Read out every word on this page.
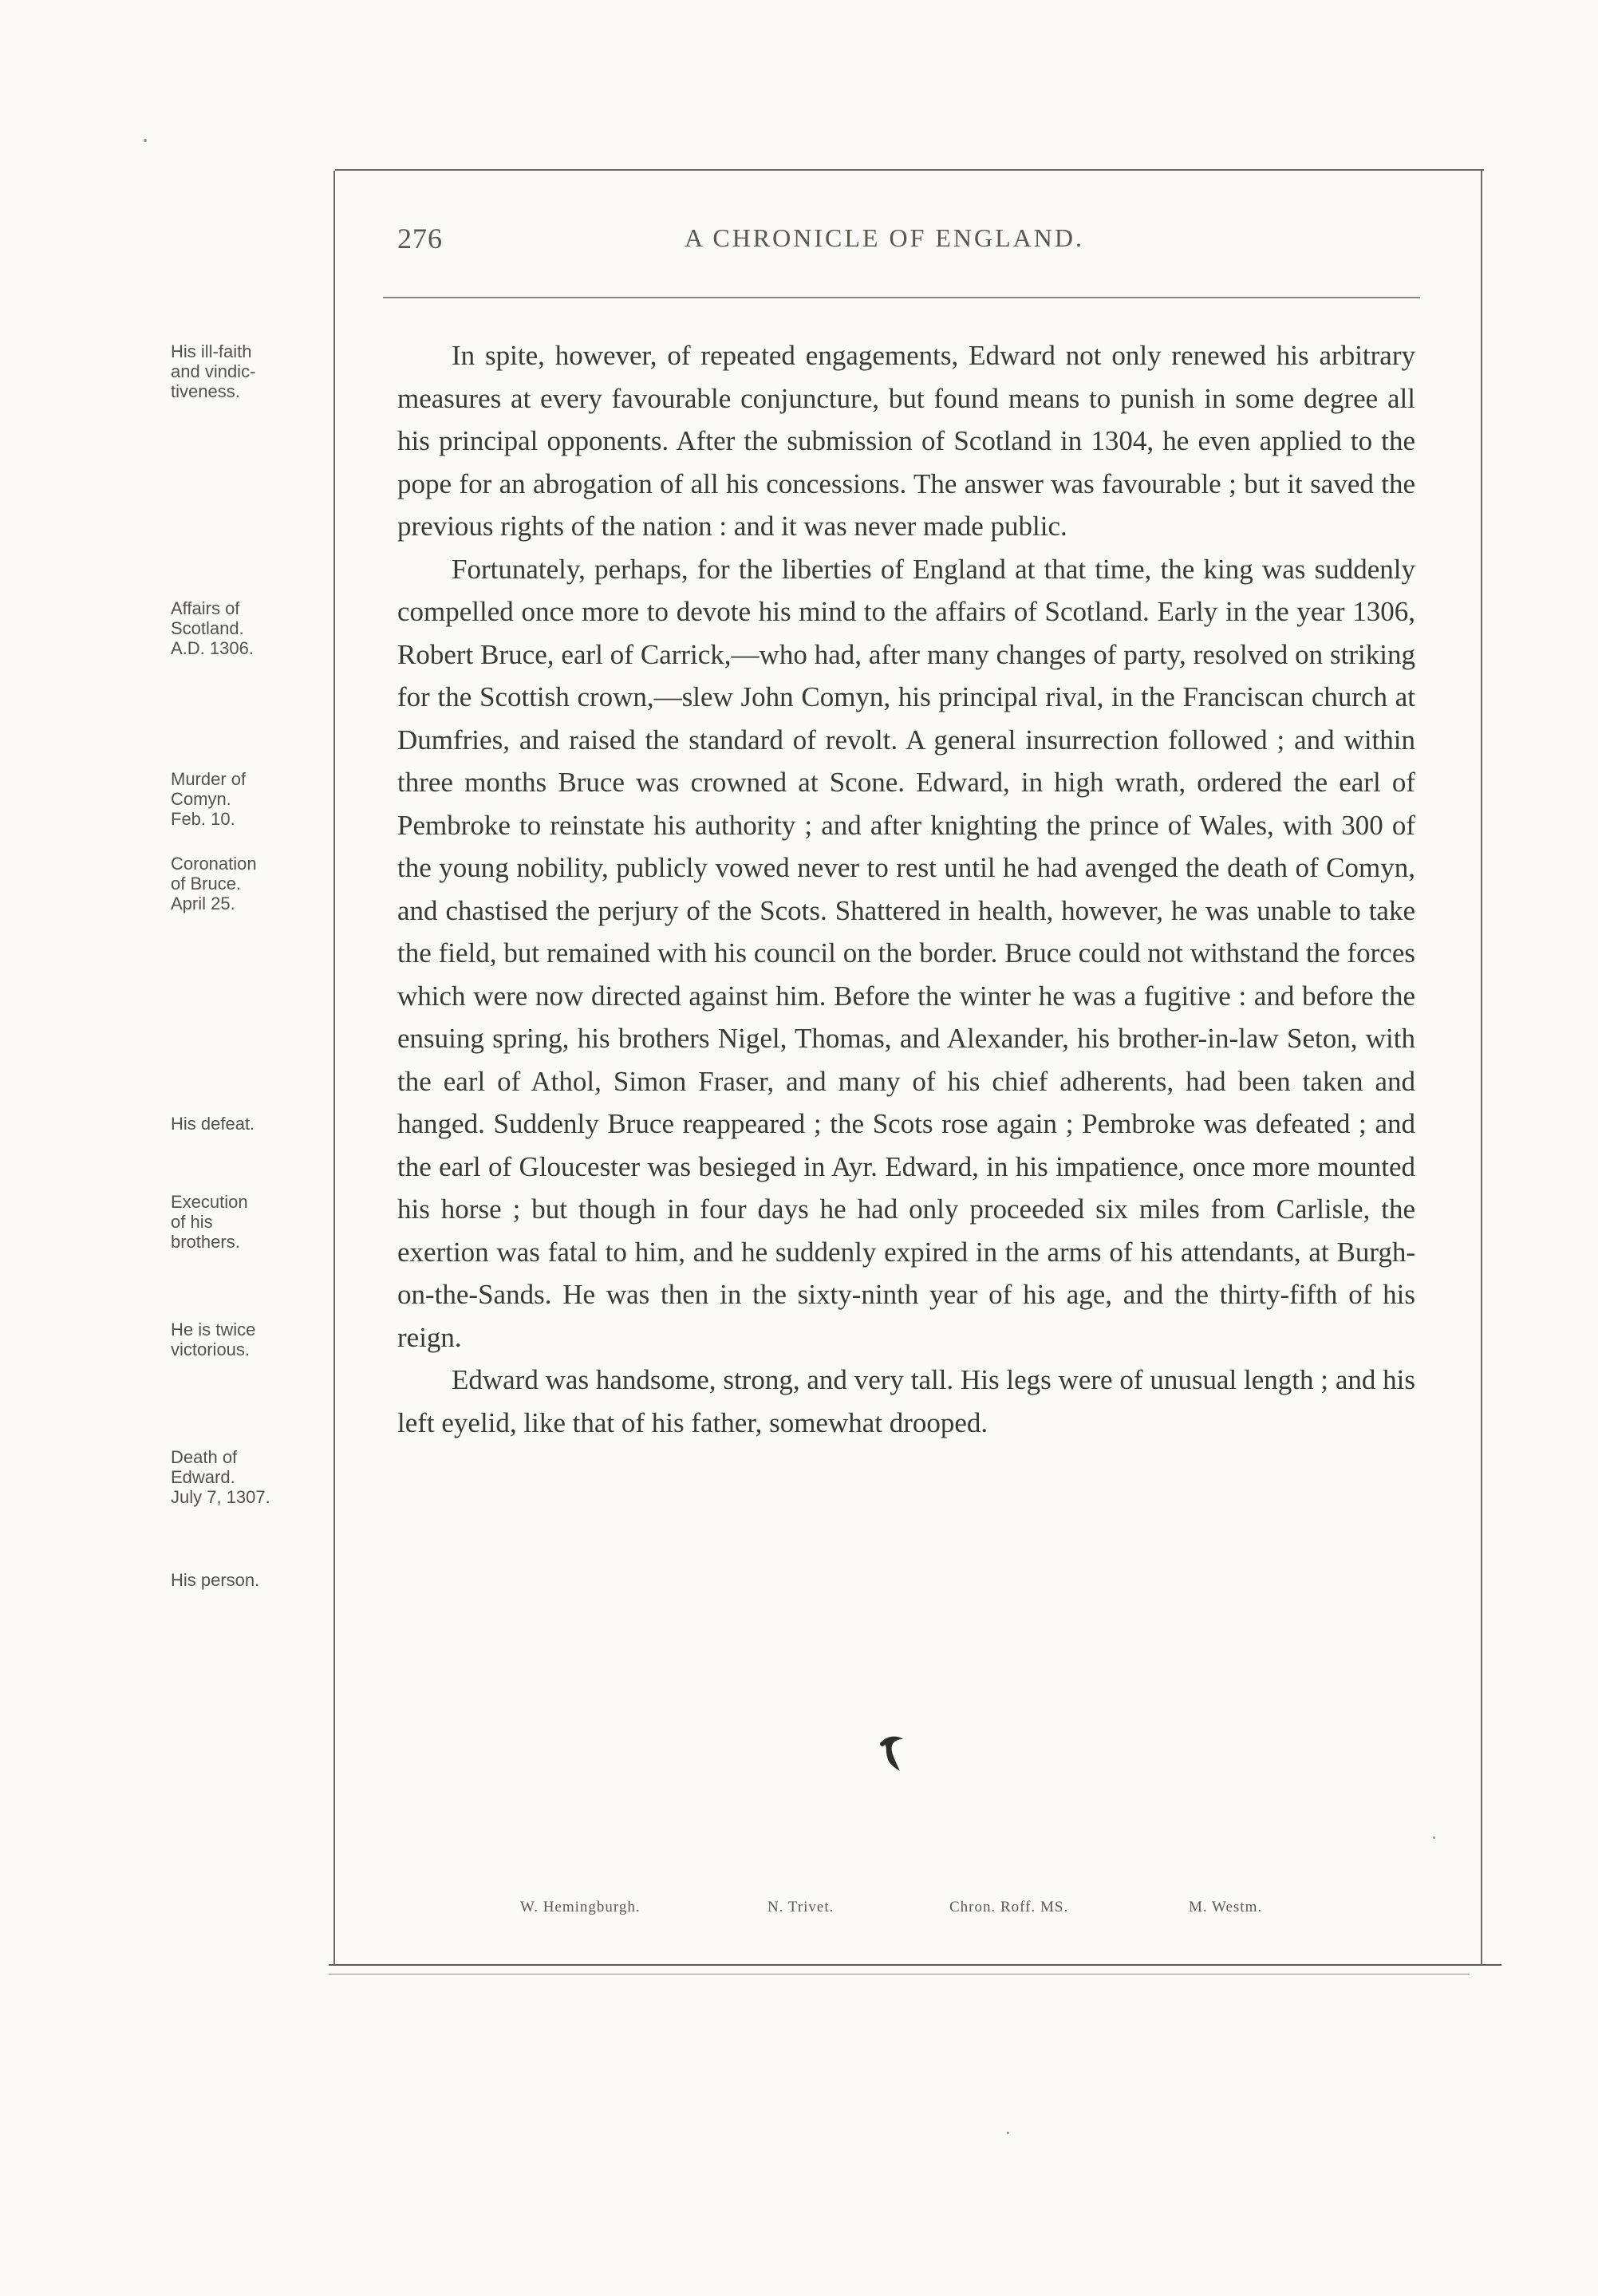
276	A CHRONICLE OF ENGLAND.

His ill-faith
and vindic-
tiveness.

Affairs of
Scotland.
A.D. 1306.

Murder of
Comyn.
Feb. 10.

Coronation
of Bruce.
April 25.

His defeat.

Execution
of his
brothers.

He is twice
victorious.

Death of
Edward.
July 7, 1307.

His person.

In spite, however, of repeated engagements, Edward not only renewed his arbitrary measures at every favourable conjuncture, but found means to punish in some degree all his principal opponents. After the submission of Scotland in 1304, he even applied to the pope for an abrogation of all his concessions. The answer was favourable ; but it saved the previous rights of the nation : and it was never made public.

Fortunately, perhaps, for the liberties of England at that time, the king was suddenly compelled once more to devote his mind to the affairs of Scotland. Early in the year 1306, Robert Bruce, earl of Carrick,—who had, after many changes of party, resolved on striking for the Scottish crown,—slew John Comyn, his principal rival, in the Franciscan church at Dumfries, and raised the standard of revolt. A general insurrection followed ; and within three months Bruce was crowned at Scone. Edward, in high wrath, ordered the earl of Pembroke to reinstate his authority ; and after knighting the prince of Wales, with 300 of the young nobility, publicly vowed never to rest until he had avenged the death of Comyn, and chastised the perjury of the Scots. Shattered in health, however, he was unable to take the field, but remained with his council on the border. Bruce could not withstand the forces which were now directed against him. Before the winter he was a fugitive : and before the ensuing spring, his brothers Nigel, Thomas, and Alexander, his brother-in-law Seton, with the earl of Athol, Simon Fraser, and many of his chief adherents, had been taken and hanged. Suddenly Bruce reappeared ; the Scots rose again ; Pembroke was defeated ; and the earl of Gloucester was besieged in Ayr. Edward, in his impatience, once more mounted his horse ; but though in four days he had only proceeded six miles from Carlisle, the exertion was fatal to him, and he suddenly expired in the arms of his attendants, at Burgh-on-the-Sands. He was then in the sixty-ninth year of his age, and the thirty-fifth of his reign.

Edward was handsome, strong, and very tall. His legs were of unusual length ; and his left eyelid, like that of his father, somewhat drooped.

W. Hemingburgh.	N. Trivet.	Chron. Roff. MS.	M. Westm.
